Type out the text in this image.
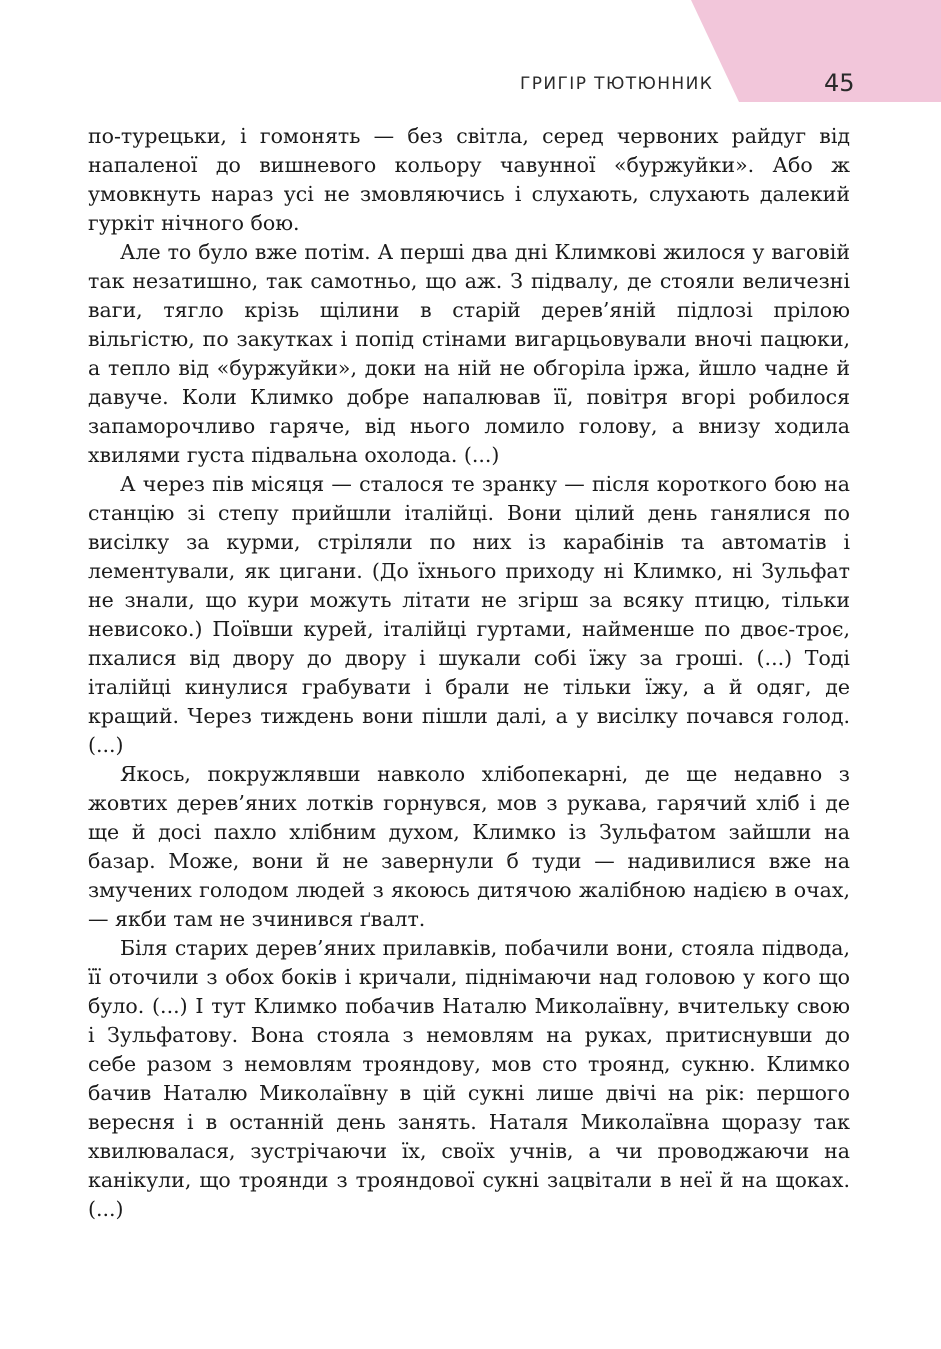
ГРИГІР ТЮТЮННИК	45

по-турецьки, і гомонять — без світла, серед червоних райдуг від напаленої до вишневого кольору чавунної «буржуйки». Або ж умовкнуть нараз усі не змовляючись і слухають, слухають далекий гуркіт нічного бою.

Але то було вже потім. А перші два дні Климкові жилося у ваговій так незатишно, так самотньо, що аж. З підвалу, де стояли величезні ваги, тягло крізь щілини в старій дерев’яній підлозі прілою вільгістю, по закутках і попід стінами вигарцьовували вночі пацюки, а тепло від «буржуйки», доки на ній не обгоріла іржа, йшло чадне й давуче. Коли Климко добре напалював її, повітря вгорі робилося запаморочливо гаряче, від нього ломило голову, а внизу ходила хвилями густа підвальна охолода. (...)

А через пів місяця — сталося те зранку — після короткого бою на станцію зі степу прийшли італійці. Вони цілий день ганялися по висілку за курми, стріляли по них із карабінів та автоматів і лементували, як цигани. (До їхнього приходу ні Климко, ні Зульфат не знали, що кури можуть літати не згірш за всяку птицю, тільки невисоко.) Поївши курей, італійці гуртами, найменше по двоє-троє, пхалися від двору до двору і шукали собі їжу за гроші. (...) Тоді італійці кинулися грабувати і брали не тільки їжу, а й одяг, де кращий. Через тиждень вони пішли далі, а у висілку почався голод. (...)

Якось, покружлявши навколо хлібопекарні, де ще недавно з жовтих дерев’яних лотків горнувся, мов з рукава, гарячий хліб і де ще й досі пахло хлібним духом, Климко із Зульфатом зайшли на базар. Може, вони й не завернули б туди — надивилися вже на змучених голодом людей з якоюсь дитячою жалібною надією в очах, — якби там не зчинився ґвалт.

Біля старих дерев’яних прилавків, побачили вони, стояла підвода, її оточили з обох боків і кричали, піднімаючи над головою у кого що було. (...) І тут Климко побачив Наталю Миколаївну, вчительку свою і Зульфатову. Вона стояла з немовлям на руках, притиснувши до себе разом з немовлям трояндову, мов сто троянд, сукню. Климко бачив Наталю Миколаївну в цій сукні лише двічі на рік: першого вересня і в останній день занять. Наталя Миколаївна щоразу так хвилювалася, зустрічаючи їх, своїх учнів, а чи проводжаючи на канікули, що троянди з трояндової сукні зацвітали в неї й на щоках. (...)
